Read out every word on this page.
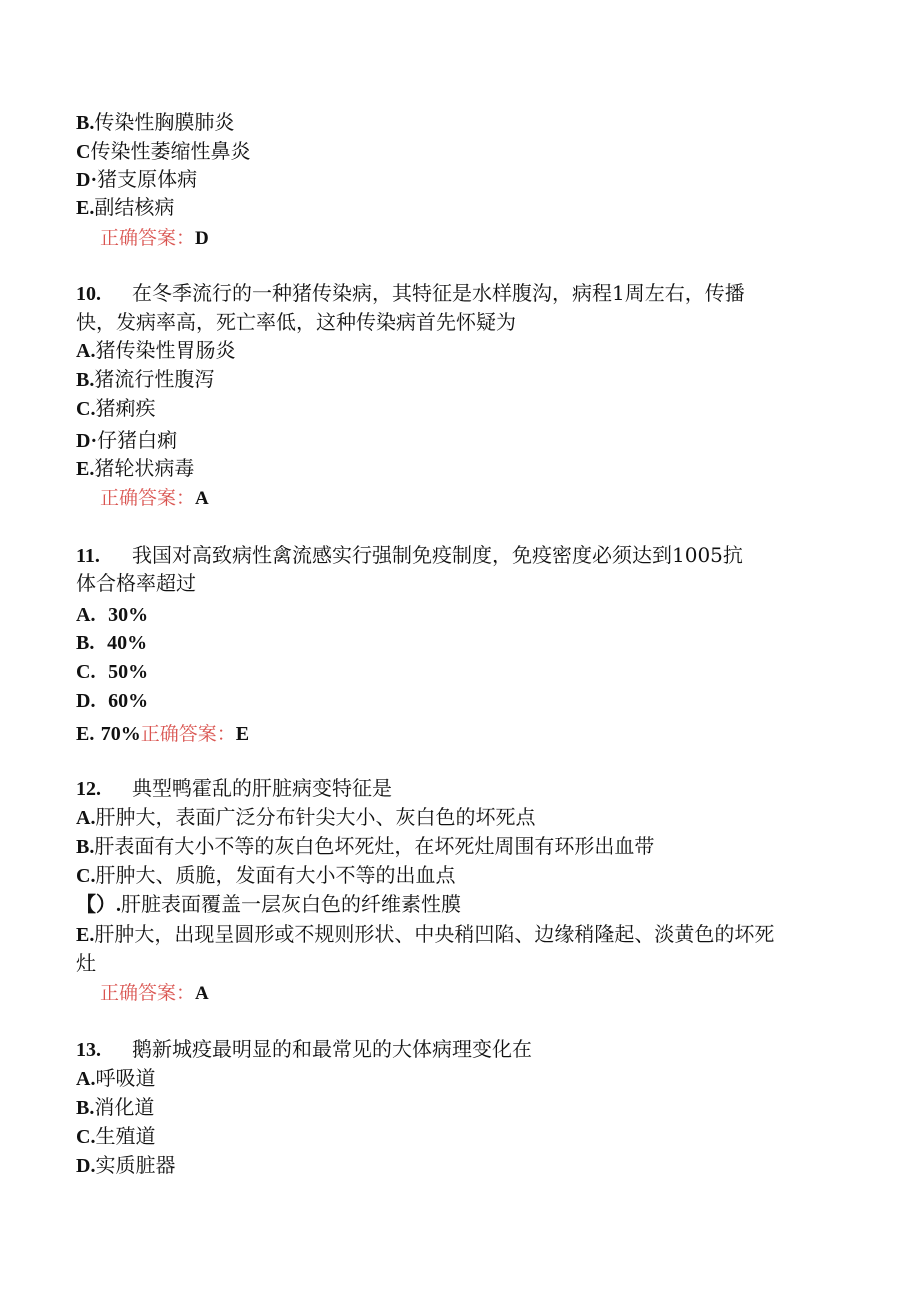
B.传染性胸膜肺炎
C传染性萎缩性鼻炎
D·猪支原体病
E.副结核病
正确答案：D
10. 在冬季流行的一种猪传染病，其特征是水样腹沟，病程1周左右，传播
快，发病率高，死亡率低，这种传染病首先怀疑为
A.猪传染性胃肠炎
B.猪流行性腹泻
C.猪痢疾
D·仔猪白痢
E.猪轮状病毒
正确答案：A
11. 我国对高致病性禽流感实行强制免疫制度，免疫密度必须达到1005抗
体合格率超过
A. 30%
B. 40%
C. 50%
D. 60%
E. 70%正确答案：E
12. 典型鸭霍乱的肝脏病变特征是
A.肝肿大，表面广泛分布针尖大小、灰白色的坏死点
B.肝表面有大小不等的灰白色坏死灶，在坏死灶周围有环形出血带
C.肝肿大、质脆，发面有大小不等的出血点
【）.肝脏表面覆盖一层灰白色的纤维素性膜
E.肝肿大，出现呈圆形或不规则形状、中央稍凹陷、边缘稍隆起、淡黄色的坏死
灶
正确答案：A
13. 鹅新城疫最明显的和最常见的大体病理变化在
A.呼吸道
B.消化道
C.生殖道
D.实质脏器
